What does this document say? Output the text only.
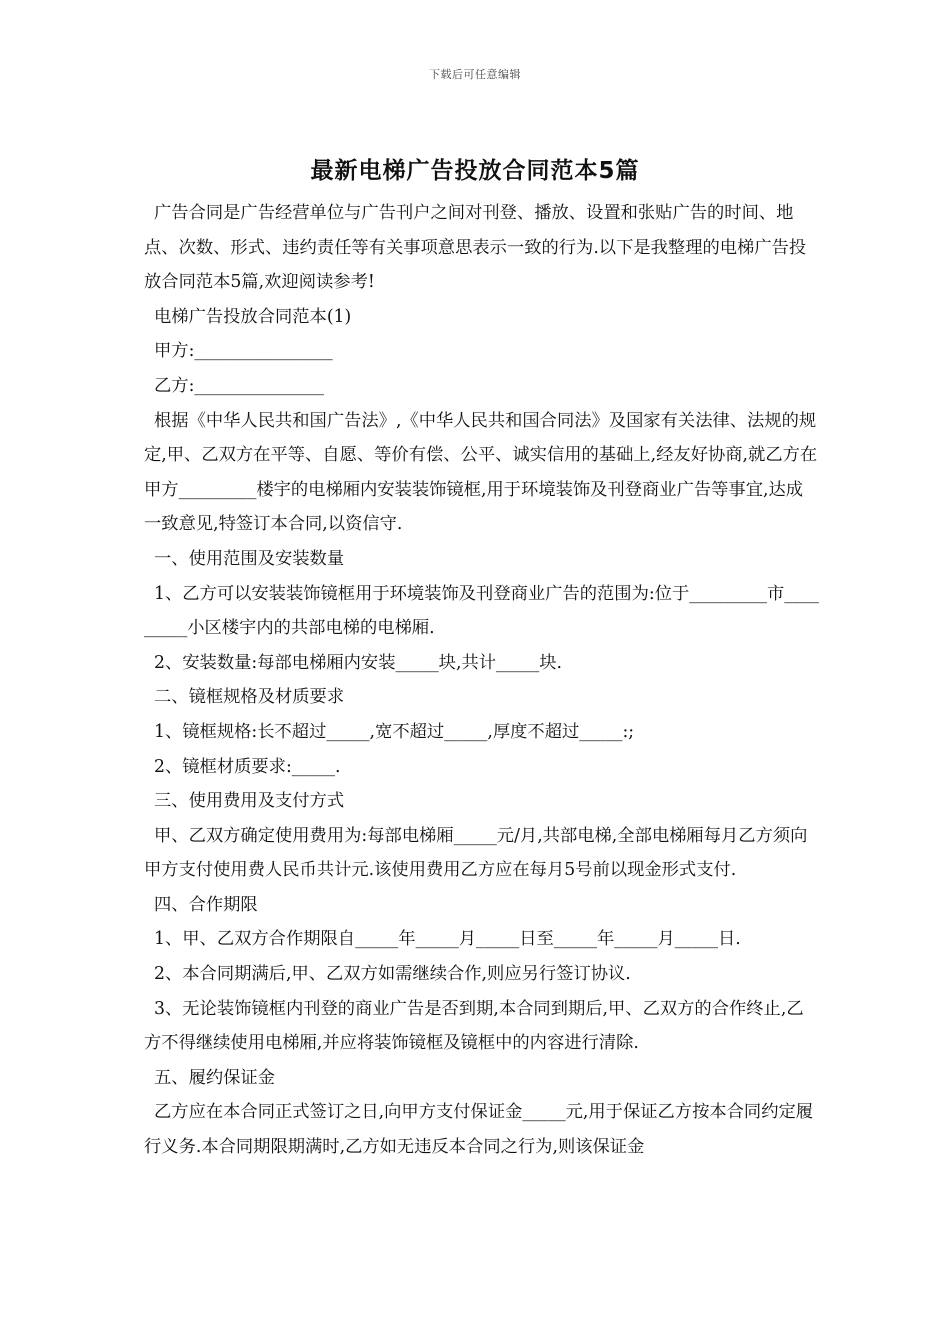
下载后可任意编辑
最新电梯广告投放合同范本5篇

广告合同是广告经营单位与广告刊户之间对刊登、播放、设置和张贴广告的时间、地点、次数、形式、违约责任等有关事项意思表示一致的行为.以下是我整理的电梯广告投放合同范本5篇,欢迎阅读参考!

电梯广告投放合同范本(1)

甲方:________________

乙方:_______________

根据《中华人民共和国广告法》,《中华人民共和国合同法》及国家有关法律、法规的规定,甲、乙双方在平等、自愿、等价有偿、公平、诚实信用的基础上,经友好协商,就乙方在甲方_________楼宇的电梯厢内安装装饰镜框,用于环境装饰及刊登商业广告等事宜,达成一致意见,特签订本合同,以资信守.

一、使用范围及安装数量

1、乙方可以安装装饰镜框用于环境装饰及刊登商业广告的范围为:位于_________市_________小区楼宇内的共部电梯的电梯厢.

2、安装数量:每部电梯厢内安装_____块,共计_____块.

二、镜框规格及材质要求

1、镜框规格:长不超过_____,宽不超过_____,厚度不超过_____:;

2、镜框材质要求:_____.

三、使用费用及支付方式

甲、乙双方确定使用费用为:每部电梯厢_____元/月,共部电梯,全部电梯厢每月乙方须向甲方支付使用费人民币共计元.该使用费用乙方应在每月5号前以现金形式支付.

四、合作期限

1、甲、乙双方合作期限自_____年_____月_____日至_____年_____月_____日.

2、本合同期满后,甲、乙双方如需继续合作,则应另行签订协议.

3、无论装饰镜框内刊登的商业广告是否到期,本合同到期后,甲、乙双方的合作终止,乙方不得继续使用电梯厢,并应将装饰镜框及镜框中的内容进行清除.

五、履约保证金

乙方应在本合同正式签订之日,向甲方支付保证金_____元,用于保证乙方按本合同约定履行义务.本合同期限期满时,乙方如无违反本合同之行为,则该保证金
